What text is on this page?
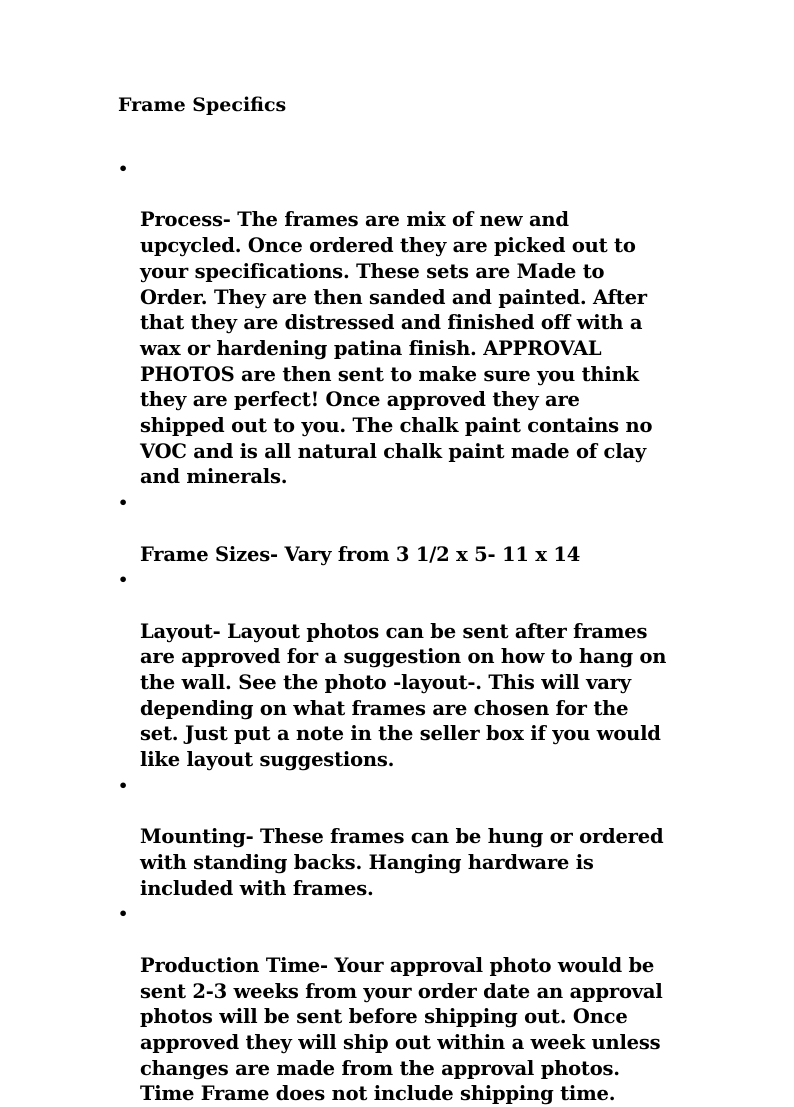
Frame Specifics

•

Process- The frames are mix of new and
upcycled. Once ordered they are picked out to
your specifications. These sets are Made to
Order. They are then sanded and painted. After
that they are distressed and finished off with a
wax or hardening patina finish. APPROVAL
PHOTOS are then sent to make sure you think
they are perfect! Once approved they are
shipped out to you. The chalk paint contains no
VOC and is all natural chalk paint made of clay
and minerals.

•

Frame Sizes- Vary from 3 1/2 x 5- 11 x 14

•

Layout- Layout photos can be sent after frames
are approved for a suggestion on how to hang on
the wall. See the photo -layout-. This will vary
depending on what frames are chosen for the
set. Just put a note in the seller box if you would
like layout suggestions.

•

Mounting- These frames can be hung or ordered
with standing backs. Hanging hardware is
included with frames.

•

Production Time- Your approval photo would be
sent 2-3 weeks from your order date an approval
photos will be sent before shipping out. Once
approved they will ship out within a week unless
changes are made from the approval photos.
Time Frame does not include shipping time.
